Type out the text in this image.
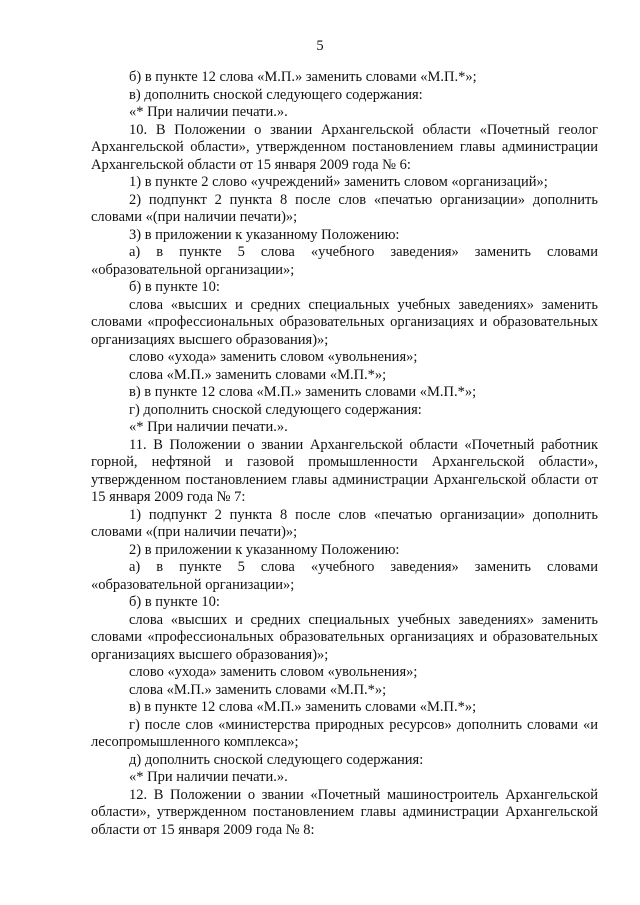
5

б) в пункте 12 слова «М.П.» заменить словами «М.П.*»;

в) дополнить сноской следующего содержания:

«* При наличии печати.».

10. В Положении о звании Архангельской области «Почетный геолог Архангельской области», утвержденном постановлением главы администрации Архангельской области от 15 января 2009 года № 6:

1) в пункте 2 слово «учреждений» заменить словом «организаций»;

2) подпункт 2 пункта 8 после слов «печатью организации» дополнить словами «(при наличии печати)»;

3) в приложении к указанному Положению:

а) в пункте 5 слова «учебного заведения» заменить словами «образовательной организации»;

б) в пункте 10:

слова «высших и средних специальных учебных заведениях» заменить словами «профессиональных образовательных организациях и образовательных организациях высшего образования)»;

слово «ухода» заменить словом «увольнения»;

слова «М.П.» заменить словами «М.П.*»;

в) в пункте 12 слова «М.П.» заменить словами «М.П.*»;

г) дополнить сноской следующего содержания:

«* При наличии печати.».

11. В Положении о звании Архангельской области «Почетный работник горной, нефтяной и газовой промышленности Архангельской области», утвержденном постановлением главы администрации Архангельской области от 15 января 2009 года № 7:

1) подпункт 2 пункта 8 после слов «печатью организации» дополнить словами «(при наличии печати)»;

2) в приложении к указанному Положению:

а) в пункте 5 слова «учебного заведения» заменить словами «образовательной организации»;

б) в пункте 10:

слова «высших и средних специальных учебных заведениях» заменить словами «профессиональных образовательных организациях и образовательных организациях высшего образования)»;

слово «ухода» заменить словом «увольнения»;

слова «М.П.» заменить словами «М.П.*»;

в) в пункте 12 слова «М.П.» заменить словами «М.П.*»;

г) после слов «министерства природных ресурсов» дополнить словами «и лесопромышленного комплекса»;

д) дополнить сноской следующего содержания:

«* При наличии печати.».

12. В Положении о звании «Почетный машиностроитель Архангельской области», утвержденном постановлением главы администрации Архангельской области от 15 января 2009 года № 8:
